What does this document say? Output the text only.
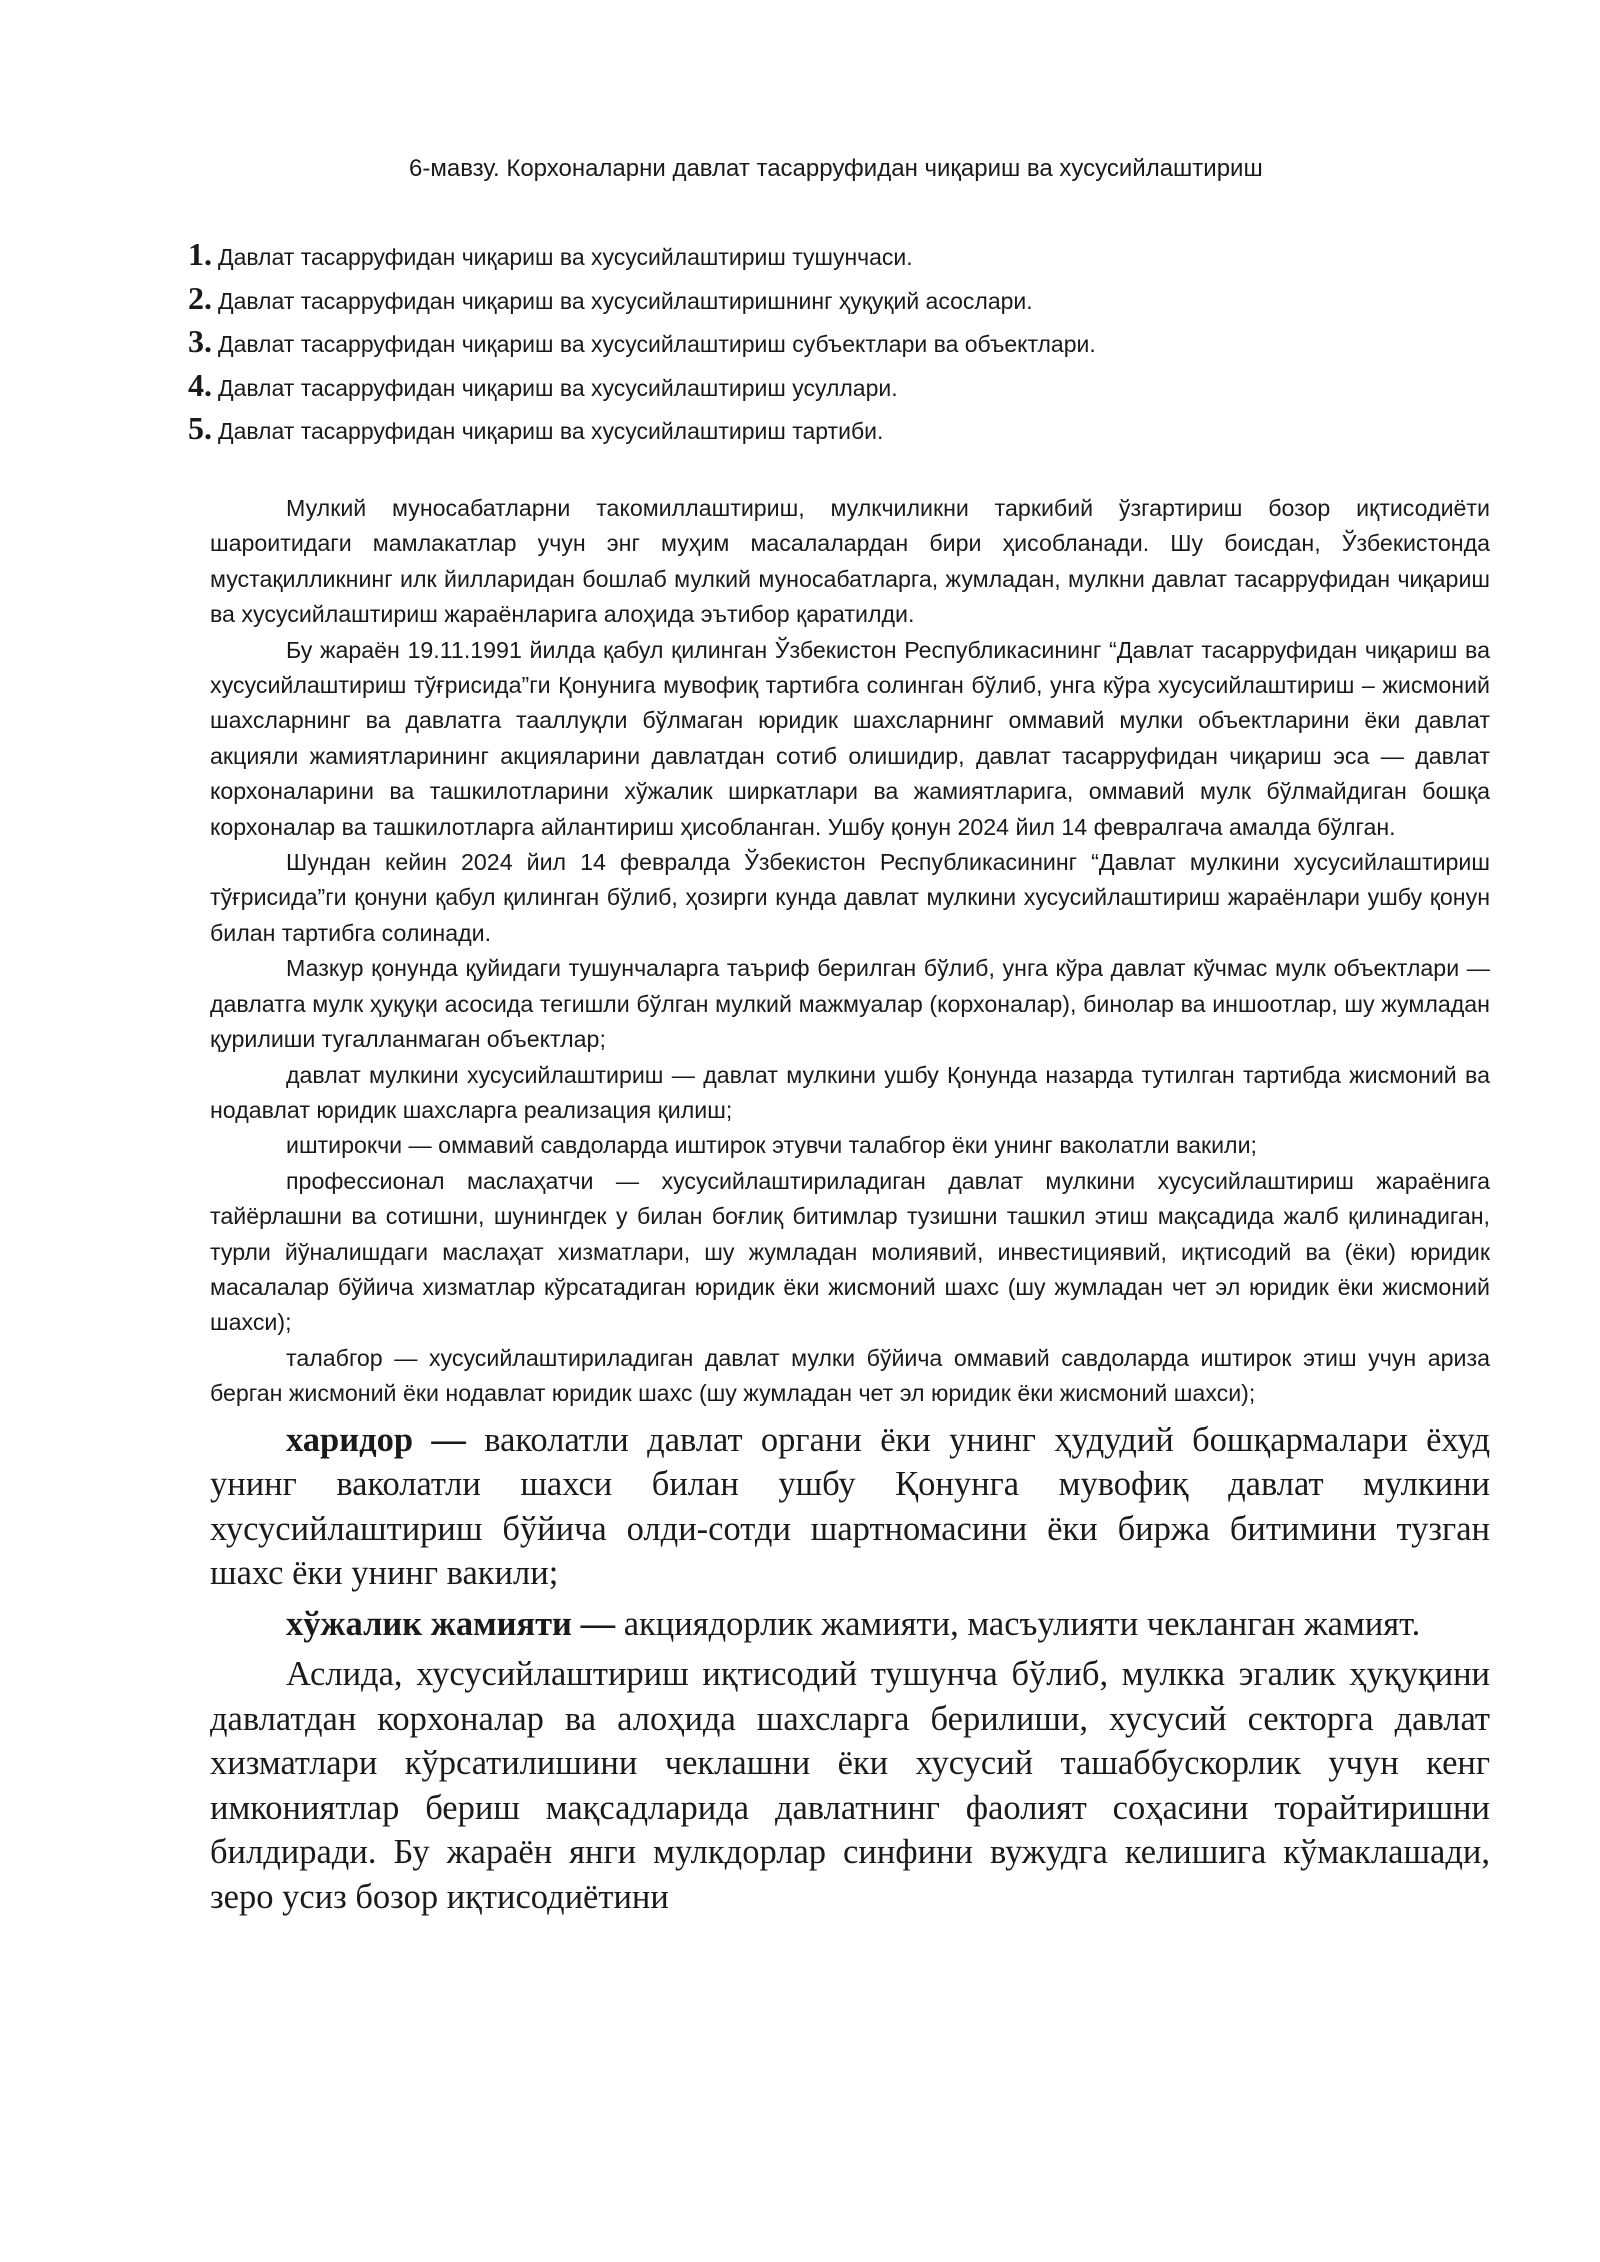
6-мавзу. Корхоналарни давлат тасарруфидан чиқариш ва хусусийлаштириш
1. Давлат тасарруфидан чиқариш ва хусусийлаштириш тушунчаси.
2. Давлат тасарруфидан чиқариш ва хусусийлаштиришнинг ҳуқуқий асослари.
3. Давлат тасарруфидан чиқариш ва хусусийлаштириш субъектлари ва объектлари.
4. Давлат тасарруфидан чиқариш ва хусусийлаштириш усуллари.
5. Давлат тасарруфидан чиқариш ва хусусийлаштириш тартиби.

Мулкий муносабатларни такомиллаштириш, мулкчиликни таркибий ўзгартириш бозор иқтисодиёти шароитидаги мамлакатлар учун энг муҳим масалалардан бири ҳисобланади. Шу боисдан, Ўзбекистонда мустақилликнинг илк йилларидан бошлаб мулкий муносабатларга, жумладан, мулкни давлат тасарруфидан чиқариш ва хусусийлаштириш жараёнларига алоҳида эътибор қаратилди.

Бу жараён 19.11.1991 йилда қабул қилинган Ўзбекистон Республикасининг “Давлат тасарруфидан чиқариш ва хусусийлаштириш тўғрисида”ги Қонунига мувофиқ тартибга солинган бўлиб, унга кўра хусусийлаштириш – жисмоний шахсларнинг ва давлатга тааллуқли бўлмаган юридик шахсларнинг оммавий мулки объектларини ёки давлат акцияли жамиятларининг акцияларини давлатдан сотиб олишидир, давлат тасарруфидан чиқариш эса — давлат корхоналарини ва ташкилотларини хўжалик ширкатлари ва жамиятларига, оммавий мулк бўлмайдиган бошқа корхоналар ва ташкилотларга айлантириш ҳисобланган. Ушбу қонун 2024 йил 14 февралгача амалда бўлган.

Шундан кейин 2024 йил 14 февралда Ўзбекистон Республикасининг “Давлат мулкини хусусийлаштириш тўғрисида”ги қонуни қабул қилинган бўлиб, ҳозирги кунда давлат мулкини хусусийлаштириш жараёнлари ушбу қонун билан тартибга солинади.

Мазкур қонунда қуйидаги тушунчаларга таъриф берилган бўлиб, унга кўра давлат кўчмас мулк объектлари — давлатга мулк ҳуқуқи асосида тегишли бўлган мулкий мажмуалар (корхоналар), бинолар ва иншоотлар, шу жумладан қурилиши тугалланмаган объектлар;

давлат мулкини хусусийлаштириш — давлат мулкини ушбу Қонунда назарда тутилган тартибда жисмоний ва нодавлат юридик шахсларга реализация қилиш;

иштирокчи — оммавий савдоларда иштирок этувчи талабгор ёки унинг ваколатли вакили;

профессионал маслаҳатчи — хусусийлаштириладиган давлат мулкини хусусийлаштириш жараёнига тайёрлашни ва сотишни, шунингдек у билан боғлиқ битимлар тузишни ташкил этиш мақсадида жалб қилинадиган, турли йўналишдаги маслаҳат хизматлари, шу жумладан молиявий, инвестициявий, иқтисодий ва (ёки) юридик масалалар бўйича хизматлар кўрсатадиган юридик ёки жисмоний шахс (шу жумладан чет эл юридик ёки жисмоний шахси);

талабгор — хусусийлаштириладиган давлат мулки бўйича оммавий савдоларда иштирок этиш учун ариза берган жисмоний ёки нодавлат юридик шахс (шу жумладан чет эл юридик ёки жисмоний шахси);

харидор — ваколатли давлат органи ёки унинг ҳудудий бошқармалари ёхуд унинг ваколатли шахси билан ушбу Қонунга мувофиқ давлат мулкини хусусийлаштириш бўйича олди-сотди шартномасини ёки биржа битимини тузган шахс ёки унинг вакили;

хўжалик жамияти — акциядорлик жамияти, масъулияти чекланган жамият.

Аслида, хусусийлаштириш иқтисодий тушунча бўлиб, мулкка эгалик ҳуқуқини давлатдан корхоналар ва алоҳида шахсларга берилиши, хусусий секторга давлат хизматлари кўрсатилишини чеклашни ёки хусусий ташаббускорлик учун кенг имкониятлар бериш мақсадларида давлатнинг фаолият соҳасини торайтиришни билдиради. Бу жараён янги мулкдорлар синфини вужудга келишига кўмаклашади, зеро усиз бозор иқтисодиётини
